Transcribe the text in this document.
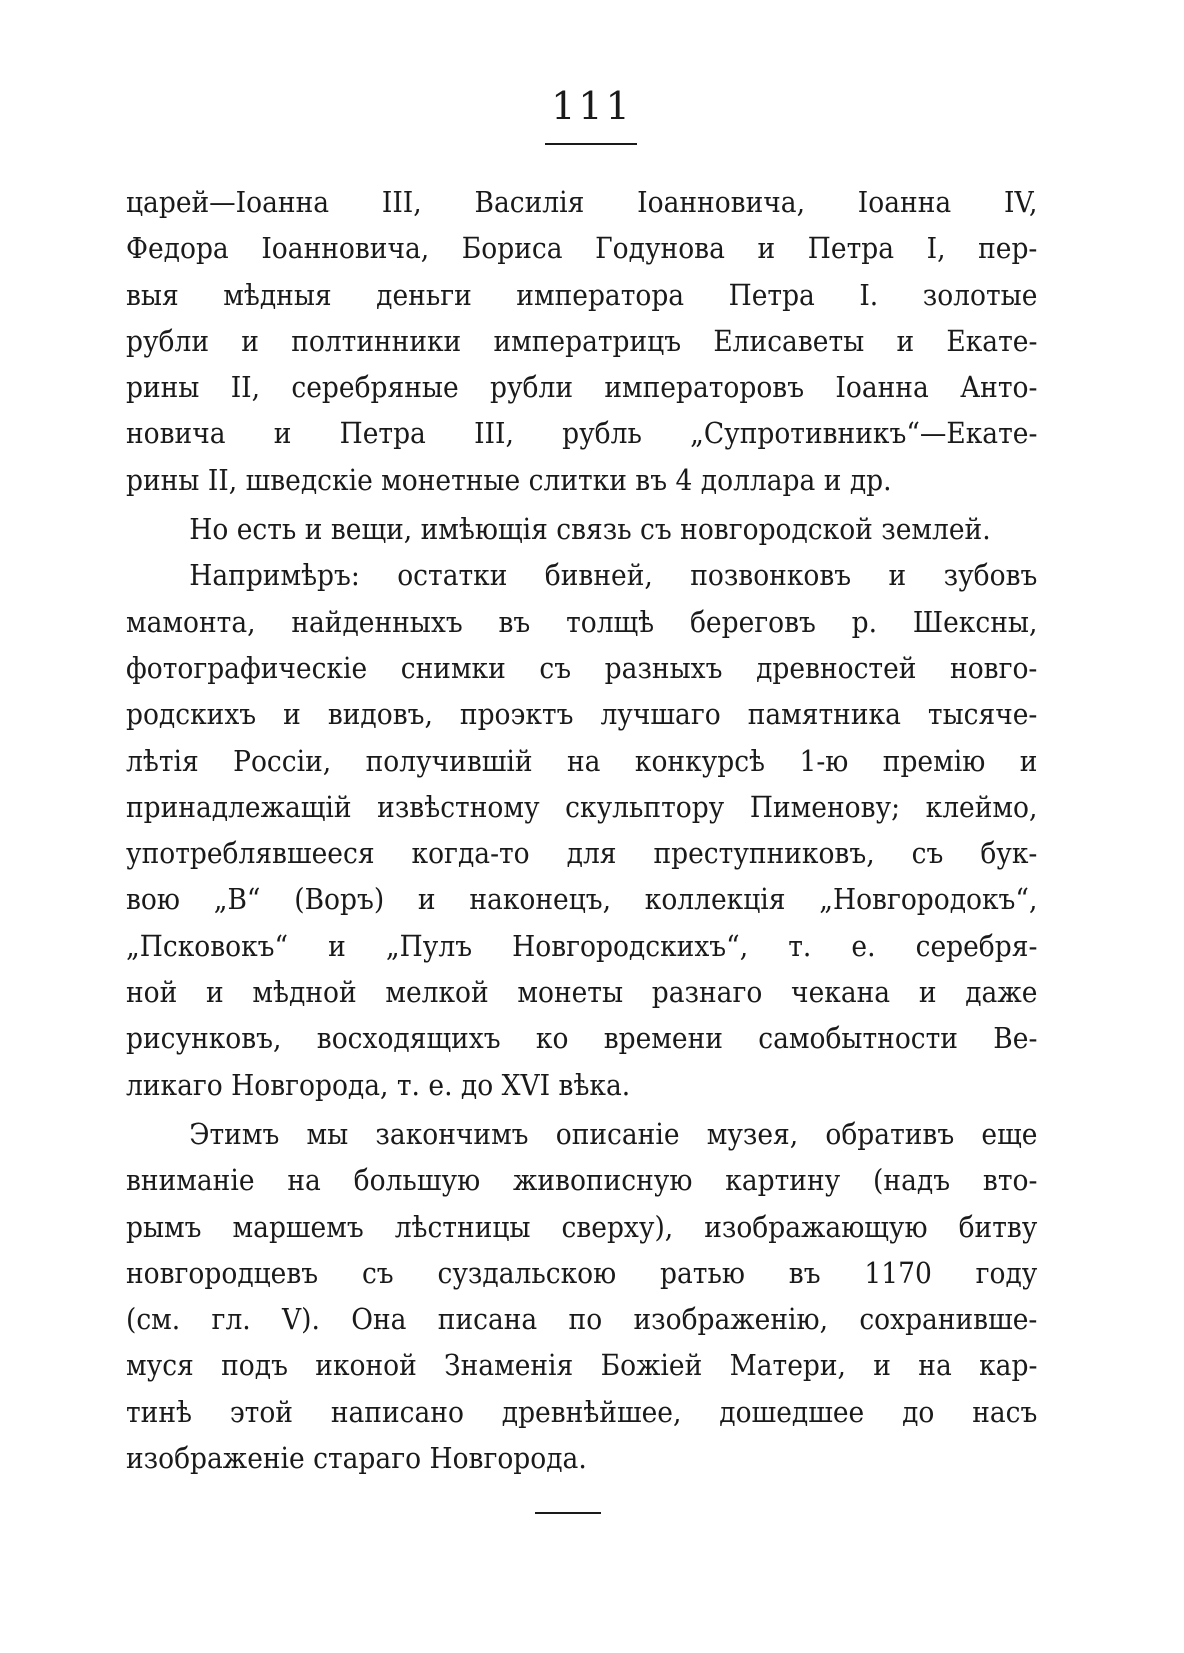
111
царей—Іоанна III, Василія Іоанновича, Іоанна IV,
Федора Іоанновича, Бориса Годунова и Петра I, пер-
выя мѣдныя деньги императора Петра I. золотые
рубли и полтинники императрицъ Елисаветы и Екате-
рины II, серебряные рубли императоровъ Іоанна Анто-
новича и Петра III, рубль „Супротивникъ“—Екате-
рины II, шведскіе монетные слитки въ 4 доллара и др.
Но есть и вещи, имѣющія связь съ новгородской землей.
Напримѣръ: остатки бивней, позвонковъ и зубовъ
мамонта, найденныхъ въ толщѣ береговъ р. Шексны,
фотографическіе снимки съ разныхъ древностей новго-
родскихъ и видовъ, проэктъ лучшаго памятника тысяче-
лѣтія Россіи, получившій на конкурсѣ 1-ю премію и
принадлежащій извѣстному скульптору Пименову; клеймо,
употреблявшееся когда-то для преступниковъ, съ бук-
вою „В“ (Воръ) и наконецъ, коллекція „Новгородокъ“,
„Псковокъ“ и „Пулъ Новгородскихъ“, т. е. серебря-
ной и мѣдной мелкой монеты разнаго чекана и даже
рисунковъ, восходящихъ ко времени самобытности Ве-
ликаго Новгорода, т. е. до XVI вѣка.
Этимъ мы закончимъ описаніе музея, обративъ еще
вниманіе на большую живописную картину (надъ вто-
рымъ маршемъ лѣстницы сверху), изображающую битву
новгородцевъ съ суздальскою ратью въ 1170 году
(см. гл. V). Она писана по изображенію, сохранивше-
муся подъ иконой Знаменія Божіей Матери, и на кар-
тинѣ этой написано древнѣйшее, дошедшее до насъ
изображеніе стараго Новгорода.
